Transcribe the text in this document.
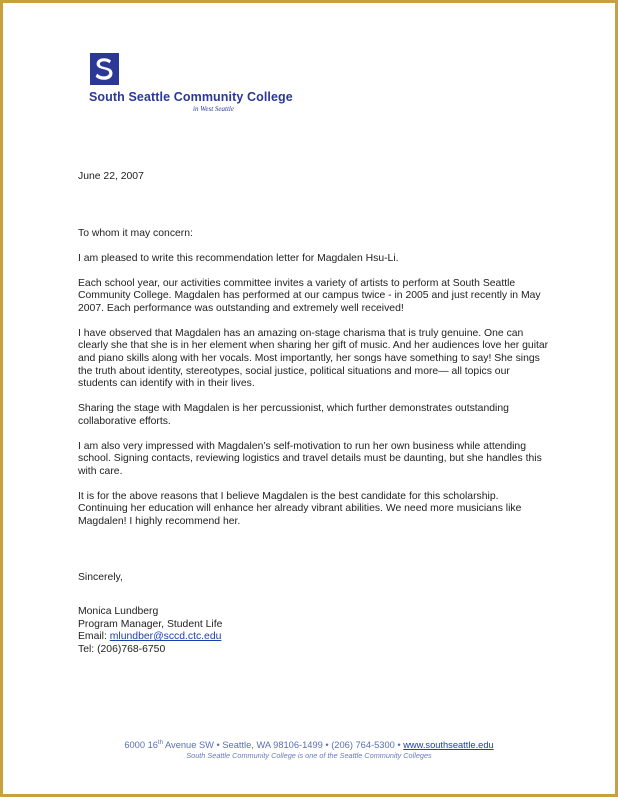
South Seattle Community College
in West Seattle

June 22, 2007

To whom it may concern:

I am pleased to write this recommendation letter for Magdalen Hsu-Li.

Each school year, our activities committee invites a variety of artists to perform at South Seattle Community College. Magdalen has performed at our campus twice - in 2005 and just recently in May 2007. Each performance was outstanding and extremely well received!

I have observed that Magdalen has an amazing on-stage charisma that is truly genuine. One can clearly she that she is in her element when sharing her gift of music. And her audiences love her guitar and piano skills along with her vocals. Most importantly, her songs have something to say! She sings the truth about identity, stereotypes, social justice, political situations and more— all topics our students can identify with in their lives.

Sharing the stage with Magdalen is her percussionist, which further demonstrates outstanding collaborative efforts.

I am also very impressed with Magdalen’s self-motivation to run her own business while attending school. Signing contacts, reviewing logistics and travel details must be daunting, but she handles this with care.

It is for the above reasons that I believe Magdalen is the best candidate for this scholarship. Continuing her education will enhance her already vibrant abilities. We need more musicians like Magdalen! I highly recommend her.

Sincerely,

Monica Lundberg

Program Manager, Student Life

Email: mlundber@sccd.ctc.edu

Tel: (206)768-6750

6000 16th Avenue SW • Seattle, WA 98106-1499 • (206) 764-5300 • www.southseattle.edu
South Seattle Community College is one of the Seattle Community Colleges
